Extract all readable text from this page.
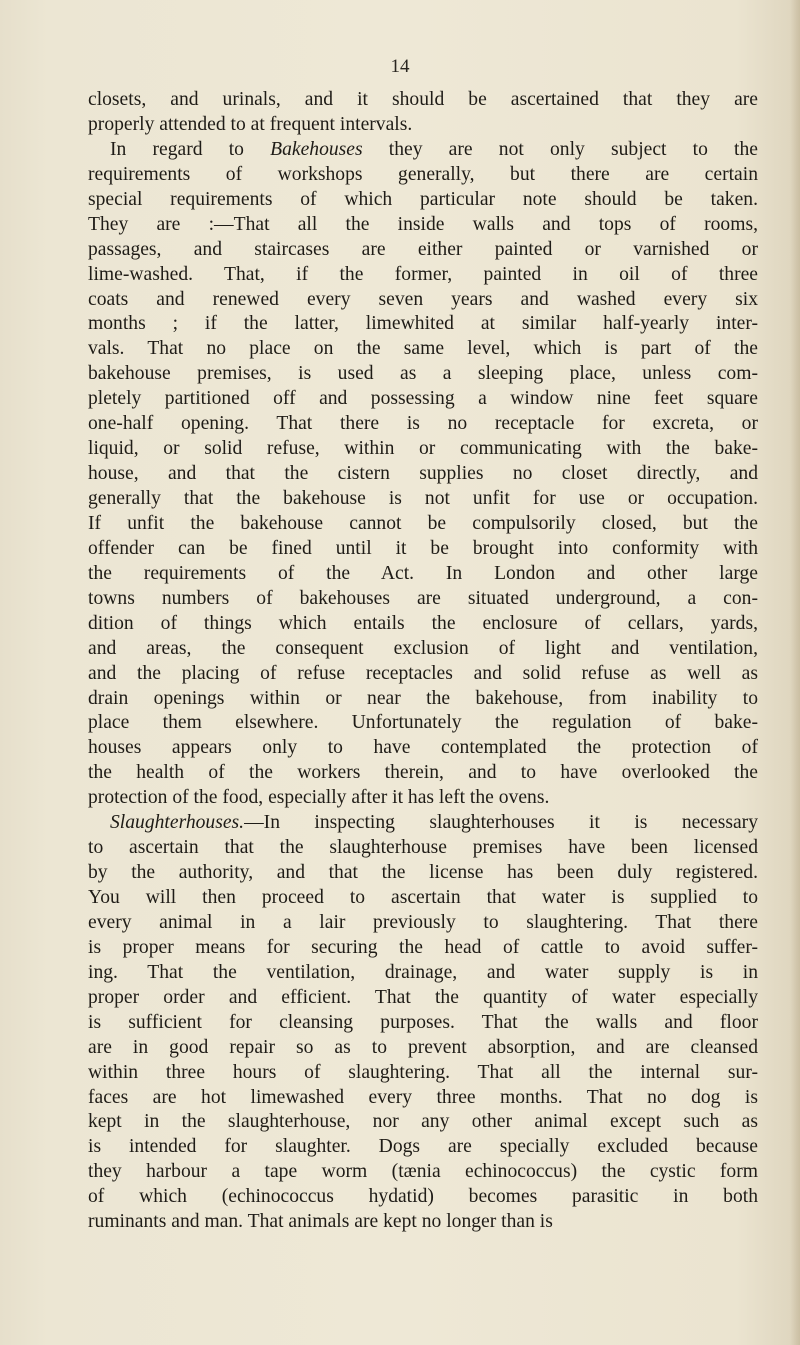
14
closets, and urinals, and it should be ascertained that they are
properly attended to at frequent intervals.
In regard to Bakehouses they are not only subject to the
requirements of workshops generally, but there are certain
special requirements of which particular note should be taken.
They are :—That all the inside walls and tops of rooms,
passages, and staircases are either painted or varnished or
lime-washed. That, if the former, painted in oil of three
coats and renewed every seven years and washed every six
months ; if the latter, limewhited at similar half-yearly inter-
vals. That no place on the same level, which is part of the
bakehouse premises, is used as a sleeping place, unless com-
pletely partitioned off and possessing a window nine feet square
one-half opening. That there is no receptacle for excreta, or
liquid, or solid refuse, within or communicating with the bake-
house, and that the cistern supplies no closet directly, and
generally that the bakehouse is not unfit for use or occupation.
If unfit the bakehouse cannot be compulsorily closed, but the
offender can be fined until it be brought into conformity with
the requirements of the Act. In London and other large
towns numbers of bakehouses are situated underground, a con-
dition of things which entails the enclosure of cellars, yards,
and areas, the consequent exclusion of light and ventilation,
and the placing of refuse receptacles and solid refuse as well as
drain openings within or near the bakehouse, from inability to
place them elsewhere. Unfortunately the regulation of bake-
houses appears only to have contemplated the protection of
the health of the workers therein, and to have overlooked the
protection of the food, especially after it has left the ovens.
Slaughterhouses.—In inspecting slaughterhouses it is necessary
to ascertain that the slaughterhouse premises have been licensed
by the authority, and that the license has been duly registered.
You will then proceed to ascertain that water is supplied to
every animal in a lair previously to slaughtering. That there
is proper means for securing the head of cattle to avoid suffer-
ing. That the ventilation, drainage, and water supply is in
proper order and efficient. That the quantity of water especially
is sufficient for cleansing purposes. That the walls and floor
are in good repair so as to prevent absorption, and are cleansed
within three hours of slaughtering. That all the internal sur-
faces are hot limewashed every three months. That no dog is
kept in the slaughterhouse, nor any other animal except such as
is intended for slaughter. Dogs are specially excluded because
they harbour a tape worm (tænia echinococcus) the cystic form
of which (echinococcus hydatid) becomes parasitic in both
ruminants and man. That animals are kept no longer than is
